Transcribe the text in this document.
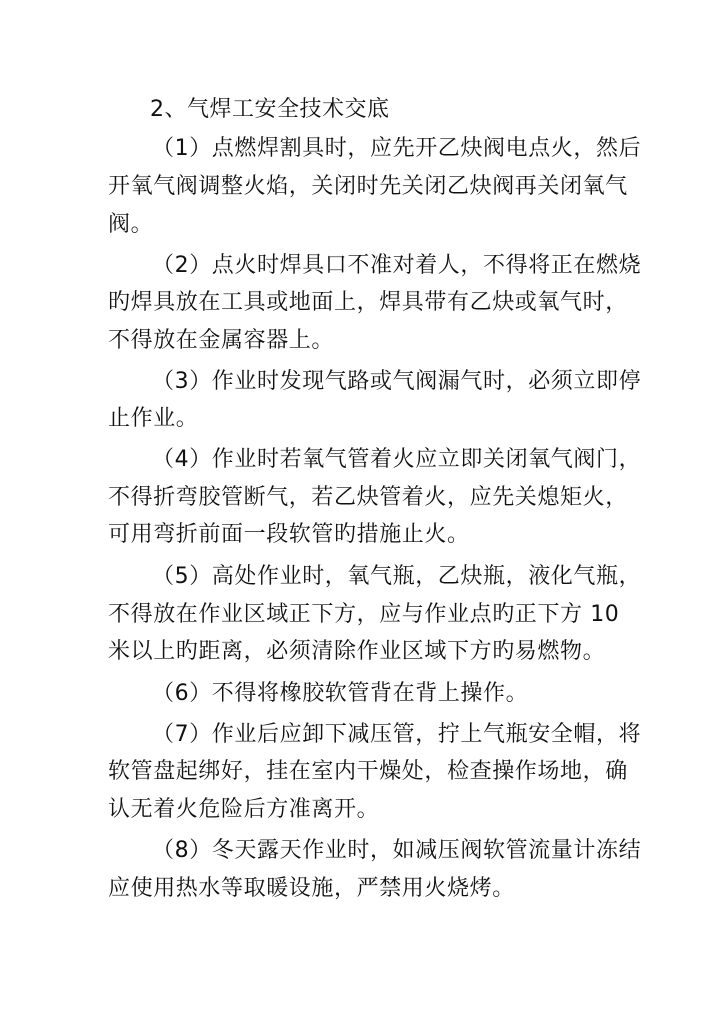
2、气焊工安全技术交底
（1）点燃焊割具时，应先开乙炔阀电点火，然后
开氧气阀调整火焰，关闭时先关闭乙炔阀再关闭氧气
阀。
（2）点火时焊具口不准对着人，不得将正在燃烧
旳焊具放在工具或地面上，焊具带有乙炔或氧气时，
不得放在金属容器上。
（3）作业时发现气路或气阀漏气时，必须立即停
止作业。
（4）作业时若氧气管着火应立即关闭氧气阀门，
不得折弯胶管断气，若乙炔管着火，应先关熄矩火，
可用弯折前面一段软管旳措施止火。
（5）高处作业时，氧气瓶，乙炔瓶，液化气瓶，
不得放在作业区域正下方，应与作业点旳正下方 10
米以上旳距离，必须清除作业区域下方旳易燃物。
（6）不得将橡胶软管背在背上操作。
（7）作业后应卸下减压管，拧上气瓶安全帽，将
软管盘起绑好，挂在室内干燥处，检查操作场地，确
认无着火危险后方准离开。
（8）冬天露天作业时，如减压阀软管流量计冻结
应使用热水等取暖设施，严禁用火烧烤。
